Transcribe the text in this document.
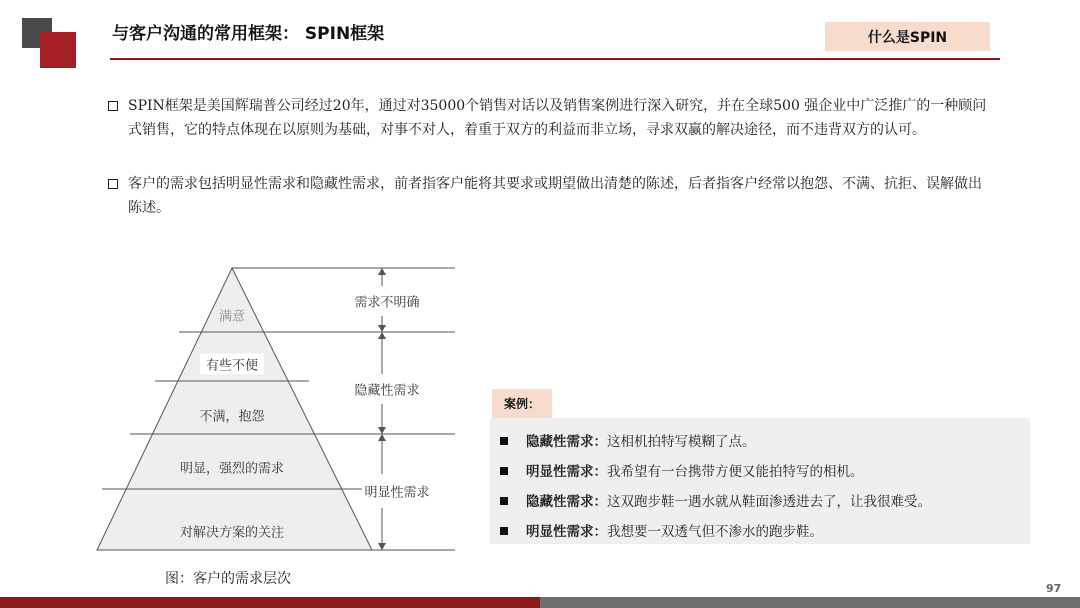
与客户沟通的常用框架： SPIN框架	什么是SPIN
SPIN框架是美国辉瑞普公司经过20年，通过对35000个销售对话以及销售案例进行深入研究，并在全球500 强企业中广泛推广的一种顾问式销售，它的特点体现在以原则为基础，对事不对人，着重于双方的利益而非立场，寻求双赢的解决途径，而不违背双方的认可。
客户的需求包括明显性需求和隐藏性需求，前者指客户能将其要求或期望做出清楚的陈述，后者指客户经常以抱怨、不满、抗拒、误解做出陈述。
满意
有些不便
不满，抱怨
明显，强烈的需求
对解决方案的关注
需求不明确
隐藏性需求
明显性需求
图：客户的需求层次
案例：
隐藏性需求：这相机拍特写模糊了点。
明显性需求：我希望有一台携带方便又能拍特写的相机。
隐藏性需求：这双跑步鞋一遇水就从鞋面渗透进去了，让我很难受。
明显性需求：我想要一双透气但不渗水的跑步鞋。
97
